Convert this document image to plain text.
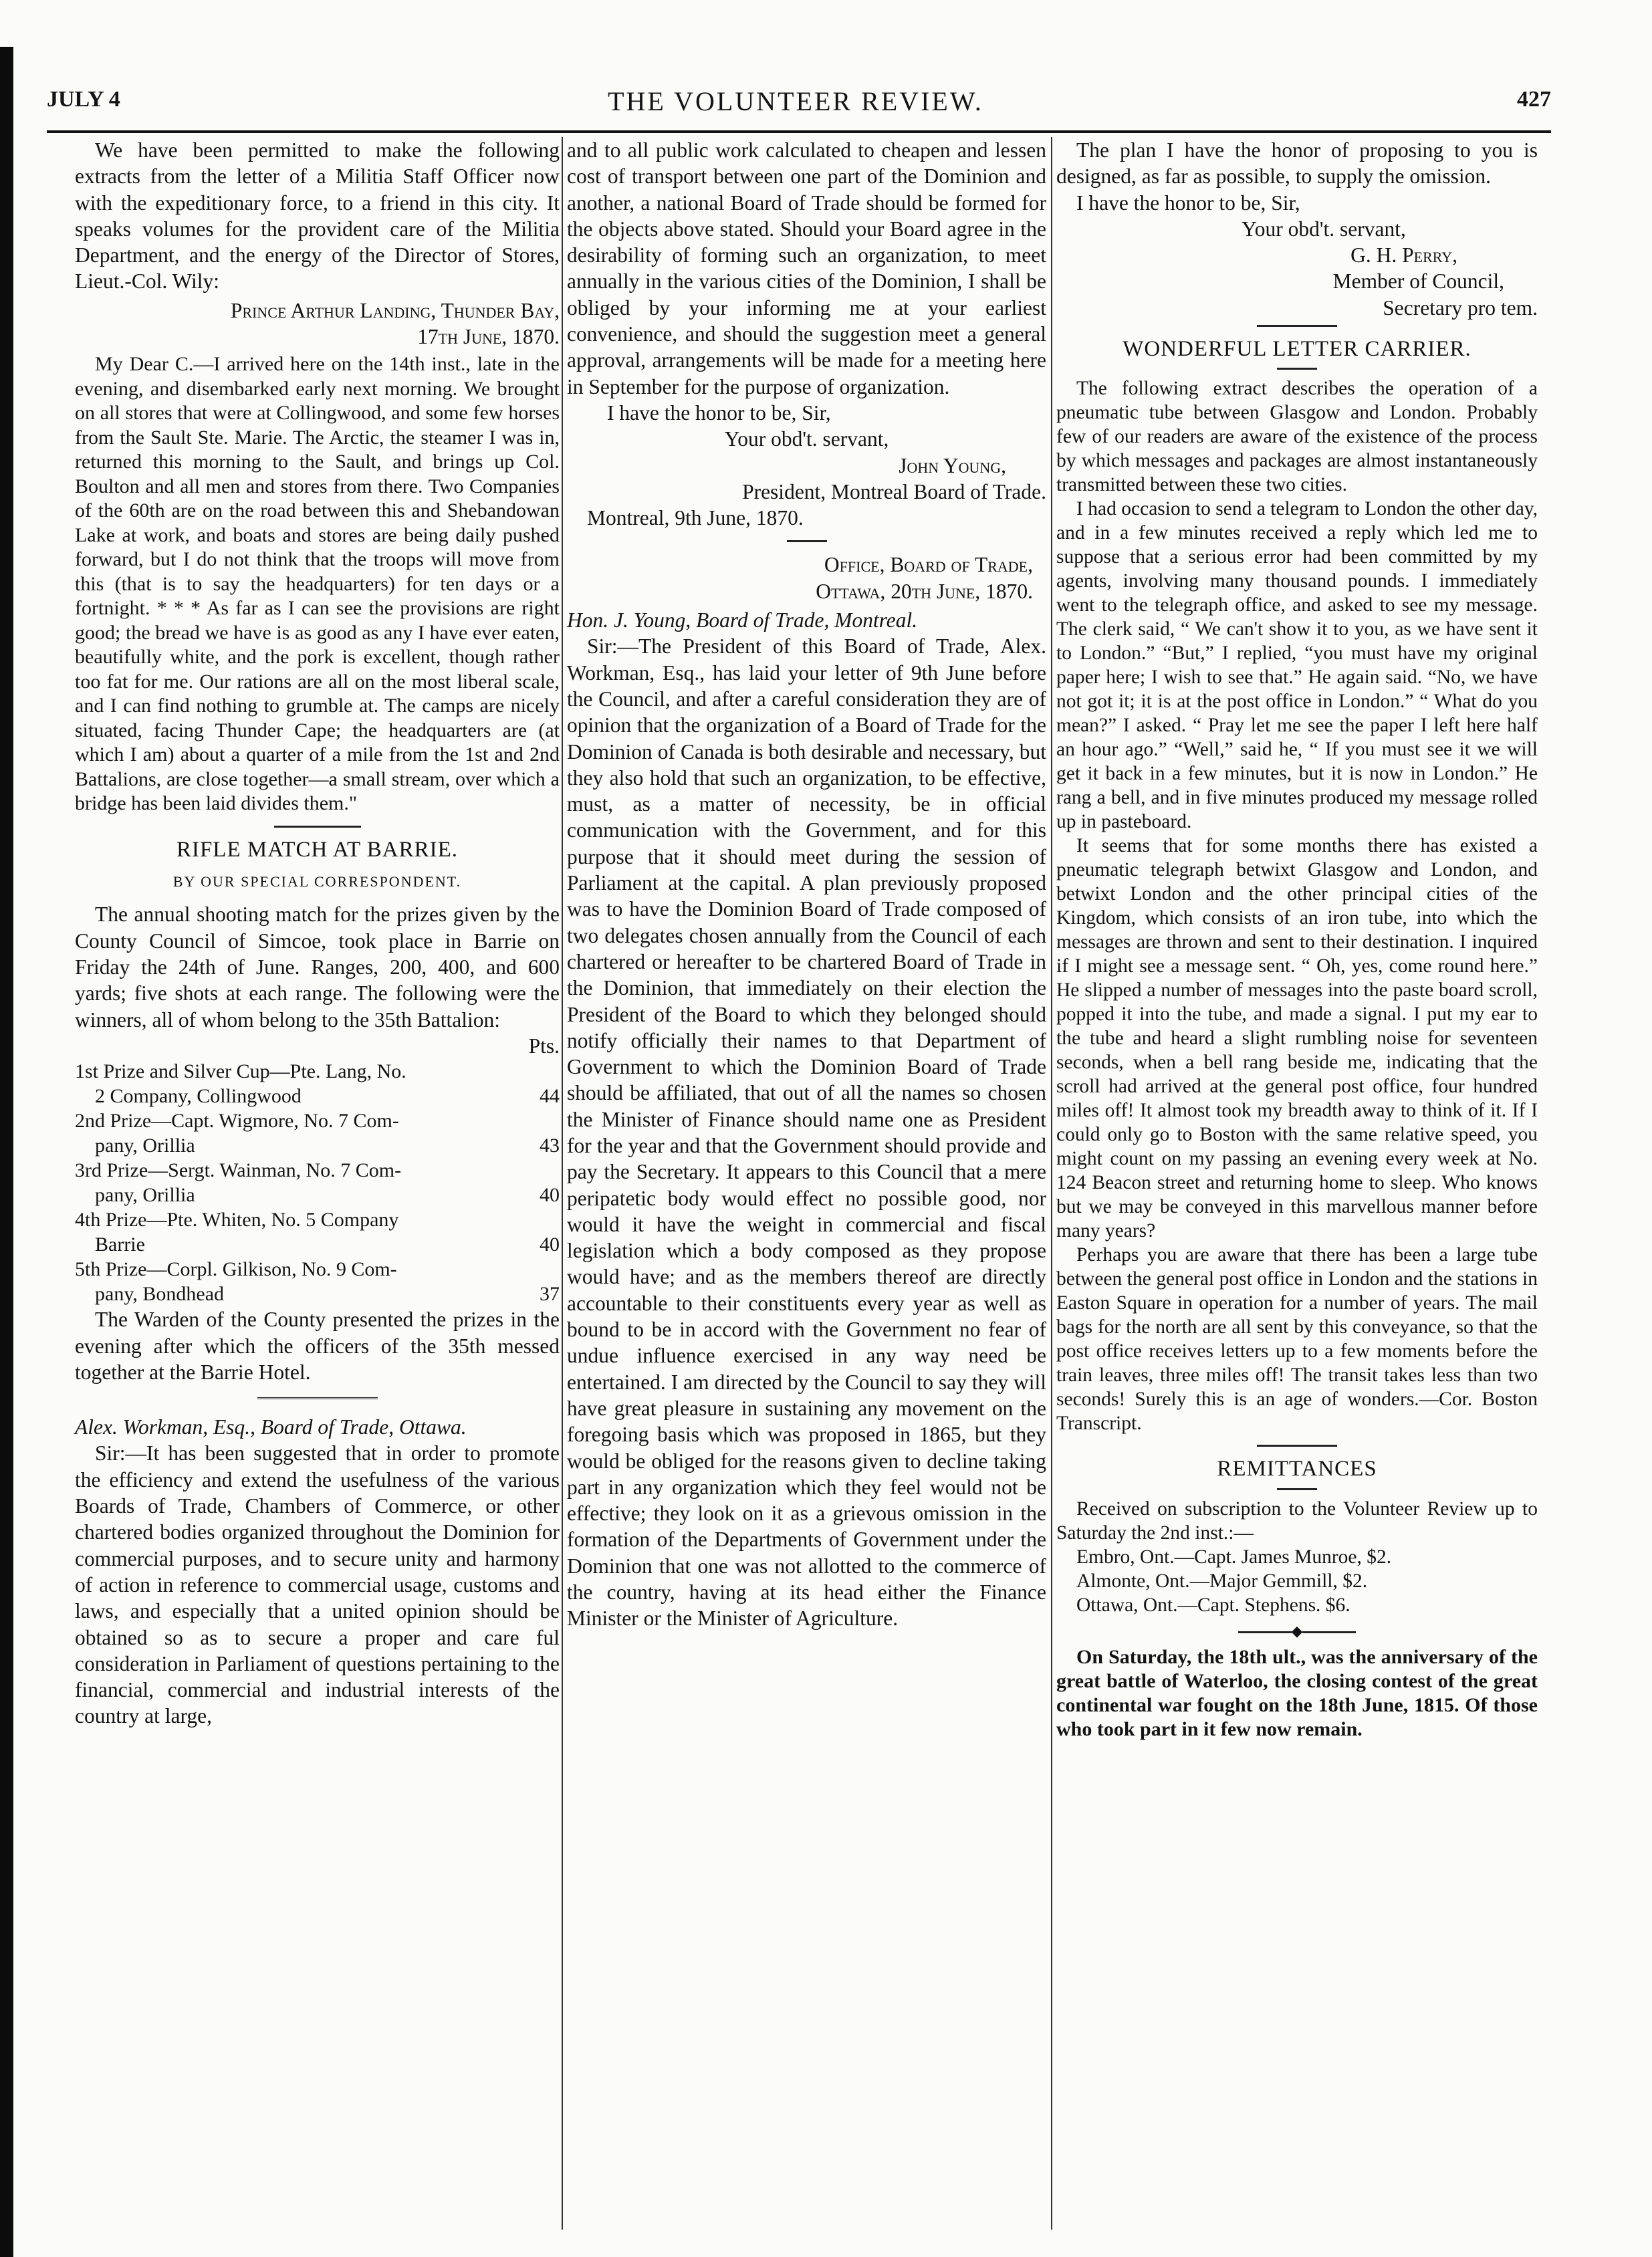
JULY 4	THE VOLUNTEER REVIEW.	427

We have been permitted to make the following extracts from the letter of a Militia Staff Officer now with the expeditionary force, to a friend in this city. It speaks volumes for the provident care of the Militia Department, and the energy of the Director of Stores, Lieut.-Col. Wily:

Prince Arthur Landing, Thunder Bay,
17th June, 1870.

My Dear C.—I arrived here on the 14th inst., late in the evening, and disembarked early next morning. We brought on all stores that were at Collingwood, and some few horses from the Sault Ste. Marie. The Arctic, the steamer I was in, returned this morning to the Sault, and brings up Col. Boulton and all men and stores from there. Two Companies of the 60th are on the road between this and Shebandowan Lake at work, and boats and stores are being daily pushed forward, but I do not think that the troops will move from this (that is to say the headquarters) for ten days or a fortnight. * * * As far as I can see the provisions are right good; the bread we have is as good as any I have ever eaten, beautifully white, and the pork is excellent, though rather too fat for me. Our rations are all on the most liberal scale, and I can find nothing to grumble at. The camps are nicely situated, facing Thunder Cape; the headquarters are (at which I am) about a quarter of a mile from the 1st and 2nd Battalions, are close together—a small stream, over which a bridge has been laid divides them."

RIFLE MATCH AT BARRIE.
BY OUR SPECIAL CORRESPONDENT.

The annual shooting match for the prizes given by the County Council of Simcoe, took place in Barrie on Friday the 24th of June. Ranges, 200, 400, and 600 yards; five shots at each range. The following were the winners, all of whom belong to the 35th Battalion:

Pts.
1st Prize and Silver Cup—Pte. Lang, No.	
2 Company, Collingwood	44
2nd Prize—Capt. Wigmore, No. 7 Com-	
pany, Orillia	43
3rd Prize—Sergt. Wainman, No. 7 Com-	
pany, Orillia	40
4th Prize—Pte. Whiten, No. 5 Company	
Barrie	40
5th Prize—Corpl. Gilkison, No. 9 Com-	
pany, Bondhead	37

The Warden of the County presented the prizes in the evening after which the officers of the 35th messed together at the Barrie Hotel.

Alex. Workman, Esq., Board of Trade, Ottawa.

Sir:—It has been suggested that in order to promote the efficiency and extend the usefulness of the various Boards of Trade, Chambers of Commerce, or other chartered bodies organized throughout the Dominion for commercial purposes, and to secure unity and harmony of action in reference to commercial usage, customs and laws, and especially that a united opinion should be obtained so as to secure a proper and care ful consideration in Parliament of questions pertaining to the financial, commercial and industrial interests of the country at large,

and to all public work calculated to cheapen and lessen cost of transport between one part of the Dominion and another, a national Board of Trade should be formed for the objects above stated. Should your Board agree in the desirability of forming such an organization, to meet annually in the various cities of the Dominion, I shall be obliged by your informing me at your earliest convenience, and should the suggestion meet a general approval, arrangements will be made for a meeting here in September for the purpose of organization.

I have the honor to be, Sir,

Your obd't. servant,
John Young,
President, Montreal Board of Trade.
Montreal, 9th June, 1870.
Office, Board of Trade,
Ottawa, 20th June, 1870.

Hon. J. Young, Board of Trade, Montreal.

Sir:—The President of this Board of Trade, Alex. Workman, Esq., has laid your letter of 9th June before the Council, and after a careful consideration they are of opinion that the organization of a Board of Trade for the Dominion of Canada is both desirable and necessary, but they also hold that such an organization, to be effective, must, as a matter of necessity, be in official communication with the Government, and for this purpose that it should meet during the session of Parliament at the capital. A plan previously proposed was to have the Dominion Board of Trade composed of two delegates chosen annually from the Council of each chartered or hereafter to be chartered Board of Trade in the Dominion, that immediately on their election the President of the Board to which they belonged should notify officially their names to that Department of Government to which the Dominion Board of Trade should be affiliated, that out of all the names so chosen the Minister of Finance should name one as President for the year and that the Government should provide and pay the Secretary. It appears to this Council that a mere peripatetic body would effect no possible good, nor would it have the weight in commercial and fiscal legislation which a body composed as they propose would have; and as the members thereof are directly accountable to their constituents every year as well as bound to be in accord with the Government no fear of undue influence exercised in any way need be entertained. I am directed by the Council to say they will have great pleasure in sustaining any movement on the foregoing basis which was proposed in 1865, but they would be obliged for the reasons given to decline taking part in any organization which they feel would not be effective; they look on it as a grievous omission in the formation of the Departments of Government under the Dominion that one was not allotted to the commerce of the country, having at its head either the Finance Minister or the Minister of Agriculture.

The plan I have the honor of proposing to you is designed, as far as possible, to supply the omission.

I have the honor to be, Sir,

Your obd't. servant,
G. H. Perry,
Member of Council,
Secretary pro tem.
WONDERFUL LETTER CARRIER.

The following extract describes the operation of a pneumatic tube between Glasgow and London. Probably few of our readers are aware of the existence of the process by which messages and packages are almost instantaneously transmitted between these two cities.

I had occasion to send a telegram to London the other day, and in a few minutes received a reply which led me to suppose that a serious error had been committed by my agents, involving many thousand pounds. I immediately went to the telegraph office, and asked to see my message. The clerk said, “ We can't show it to you, as we have sent it to London.” “But,” I replied, “you must have my original paper here; I wish to see that.” He again said. “No, we have not got it; it is at the post office in London.” “ What do you mean?” I asked. “ Pray let me see the paper I left here half an hour ago.” “Well,” said he, “ If you must see it we will get it back in a few minutes, but it is now in London.” He rang a bell, and in five minutes produced my message rolled up in pasteboard.

It seems that for some months there has existed a pneumatic telegraph betwixt Glasgow and London, and betwixt London and the other principal cities of the Kingdom, which consists of an iron tube, into which the messages are thrown and sent to their destination. I inquired if I might see a message sent. “ Oh, yes, come round here.” He slipped a number of messages into the paste board scroll, popped it into the tube, and made a signal. I put my ear to the tube and heard a slight rumbling noise for seventeen seconds, when a bell rang beside me, indicating that the scroll had arrived at the general post office, four hundred miles off! It almost took my breadth away to think of it. If I could only go to Boston with the same relative speed, you might count on my passing an evening every week at No. 124 Beacon street and returning home to sleep. Who knows but we may be conveyed in this marvellous manner before many years?

Perhaps you are aware that there has been a large tube between the general post office in London and the stations in Easton Square in operation for a number of years. The mail bags for the north are all sent by this conveyance, so that the post office receives letters up to a few moments before the train leaves, three miles off! The transit takes less than two seconds! Surely this is an age of wonders.—Cor. Boston Transcript.

REMITTANCES

Received on subscription to the Volunteer Review up to Saturday the 2nd inst.:—

Embro, Ont.—Capt. James Munroe, $2.

Almonte, Ont.—Major Gemmill, $2.

Ottawa, Ont.—Capt. Stephens. $6.

◆

On Saturday, the 18th ult., was the anniversary of the great battle of Waterloo, the closing contest of the great continental war fought on the 18th June, 1815. Of those who took part in it few now remain.
